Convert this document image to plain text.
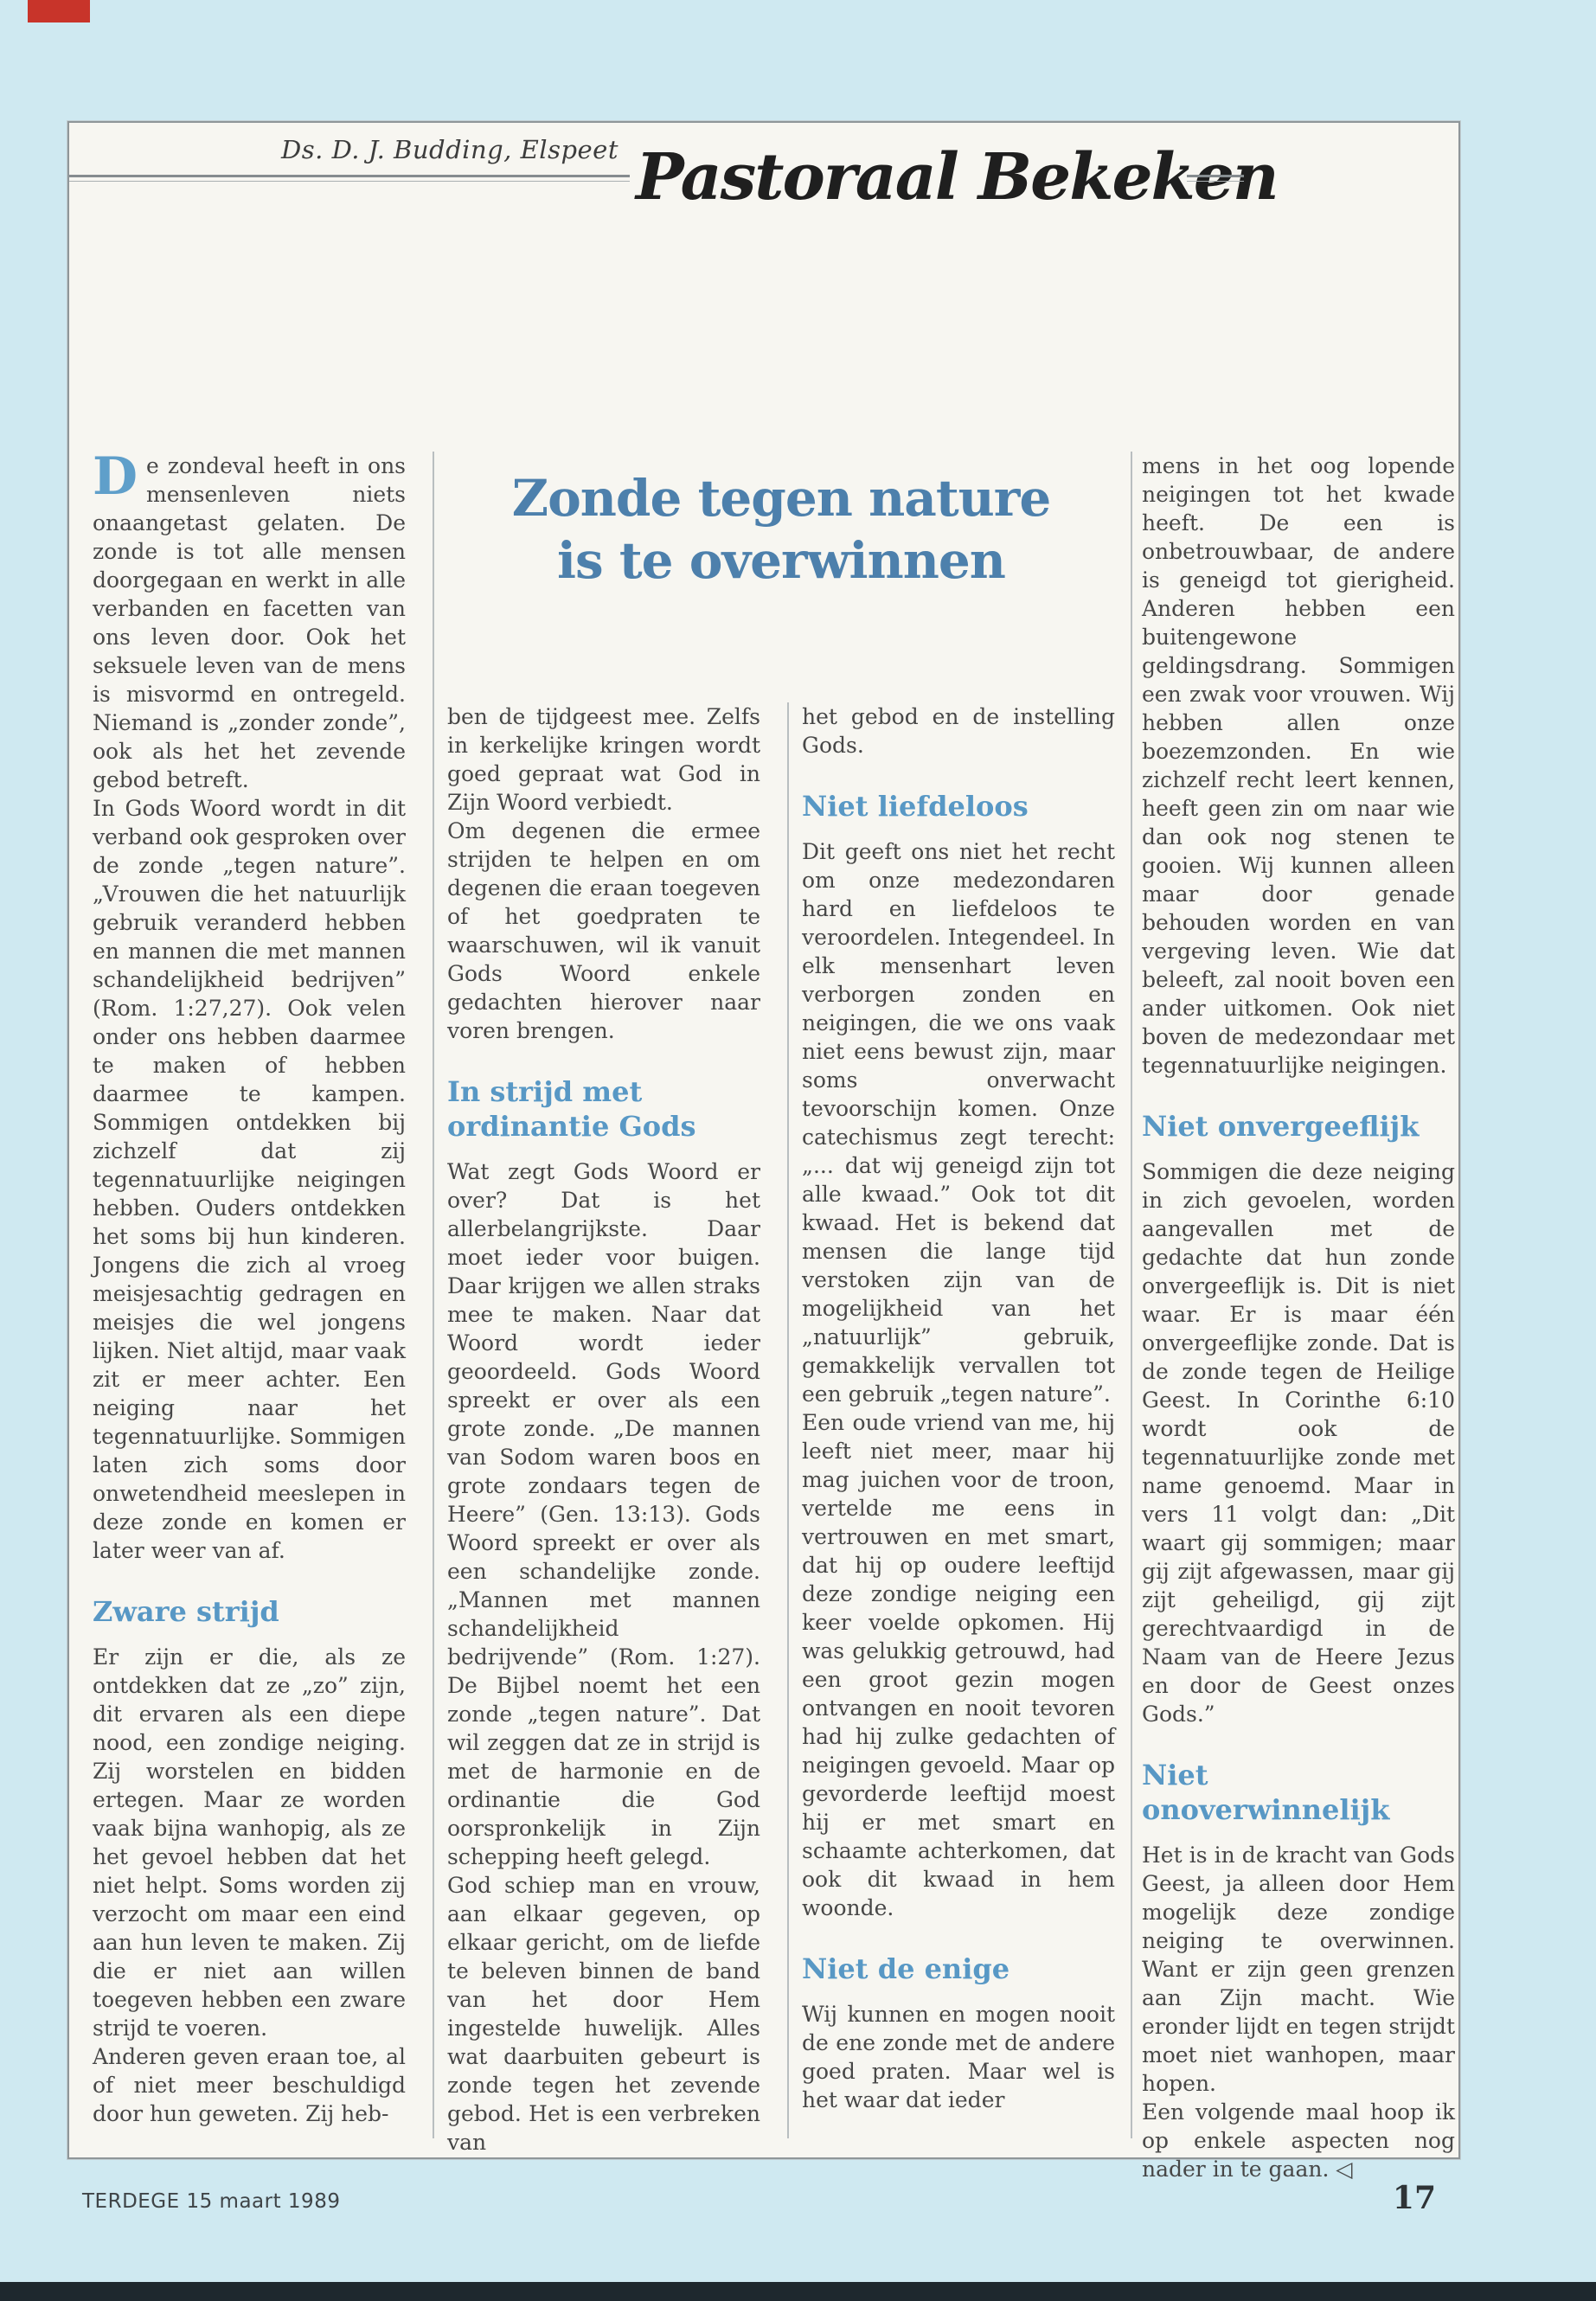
Ds. D. J. Budding, Elspeet Pastoraal Bekeken
Zonde tegen nature
is te overwinnen

De zondeval heeft in ons mensenleven niets onaangetast gelaten. De zonde is tot alle mensen doorgegaan en werkt in alle verbanden en facetten van ons leven door. Ook het seksuele leven van de mens is misvormd en ontregeld. Niemand is „zonder zonde”, ook als het het zevende gebod betreft.

In Gods Woord wordt in dit verband ook gesproken over de zonde „tegen nature”. „Vrouwen die het natuurlijk gebruik veranderd hebben en mannen die met mannen schandelijkheid bedrijven” (Rom. 1:27,27). Ook velen onder ons hebben daarmee te maken of hebben daarmee te kampen. Sommigen ontdekken bij zichzelf dat zij tegennatuurlijke neigingen hebben. Ouders ontdekken het soms bij hun kinderen. Jongens die zich al vroeg meisjesachtig gedragen en meisjes die wel jongens lijken. Niet altijd, maar vaak zit er meer achter. Een neiging naar het tegennatuurlijke. Sommigen laten zich soms door onwetendheid meeslepen in deze zonde en komen er later weer van af.

Zware strijd

Er zijn er die, als ze ontdekken dat ze „zo” zijn, dit ervaren als een diepe nood, een zondige neiging. Zij worstelen en bidden ertegen. Maar ze worden vaak bijna wanhopig, als ze het gevoel hebben dat het niet helpt. Soms worden zij verzocht om maar een eind aan hun leven te maken. Zij die er niet aan willen toegeven hebben een zware strijd te voeren.

Anderen geven eraan toe, al of niet meer beschuldigd door hun geweten. Zij heb-

ben de tijdgeest mee. Zelfs in kerkelijke kringen wordt goed gepraat wat God in Zijn Woord verbiedt.

Om degenen die ermee strijden te helpen en om degenen die eraan toegeven of het goedpraten te waarschuwen, wil ik vanuit Gods Woord enkele gedachten hierover naar voren brengen.

In strijd met ordinantie Gods

Wat zegt Gods Woord er over? Dat is het allerbelangrijkste. Daar moet ieder voor buigen. Daar krijgen we allen straks mee te maken. Naar dat Woord wordt ieder geoordeeld. Gods Woord spreekt er over als een grote zonde. „De mannen van Sodom waren boos en grote zondaars tegen de Heere” (Gen. 13:13). Gods Woord spreekt er over als een schandelijke zonde. „Mannen met mannen schandelijkheid bedrijvende” (Rom. 1:27). De Bijbel noemt het een zonde „tegen nature”. Dat wil zeggen dat ze in strijd is met de harmonie en de ordinantie die God oorspronkelijk in Zijn schepping heeft gelegd.

God schiep man en vrouw, aan elkaar gegeven, op elkaar gericht, om de liefde te beleven binnen de band van het door Hem ingestelde huwelijk. Alles wat daarbuiten gebeurt is zonde tegen het zevende gebod. Het is een verbreken van

het gebod en de instelling Gods.

Niet liefdeloos

Dit geeft ons niet het recht om onze medezondaren hard en liefdeloos te veroordelen. Integendeel. In elk mensenhart leven verborgen zonden en neigingen, die we ons vaak niet eens bewust zijn, maar soms onverwacht tevoorschijn komen. Onze catechismus zegt terecht: „... dat wij geneigd zijn tot alle kwaad.” Ook tot dit kwaad. Het is bekend dat mensen die lange tijd verstoken zijn van de mogelijkheid van het „natuurlijk” gebruik, gemakkelijk vervallen tot een gebruik „tegen nature”.

Een oude vriend van me, hij leeft niet meer, maar hij mag juichen voor de troon, vertelde me eens in vertrouwen en met smart, dat hij op oudere leeftijd deze zondige neiging een keer voelde opkomen. Hij was gelukkig getrouwd, had een groot gezin mogen ontvangen en nooit tevoren had hij zulke gedachten of neigingen gevoeld. Maar op gevorderde leeftijd moest hij er met smart en schaamte achterkomen, dat ook dit kwaad in hem woonde.

Niet de enige

Wij kunnen en mogen nooit de ene zonde met de andere goed praten. Maar wel is het waar dat ieder

mens in het oog lopende neigingen tot het kwade heeft. De een is onbetrouwbaar, de andere is geneigd tot gierigheid. Anderen hebben een buitengewone geldingsdrang. Sommigen een zwak voor vrouwen. Wij hebben allen onze boezemzonden. En wie zichzelf recht leert kennen, heeft geen zin om naar wie dan ook nog stenen te gooien. Wij kunnen alleen maar door genade behouden worden en van vergeving leven. Wie dat beleeft, zal nooit boven een ander uitkomen. Ook niet boven de medezondaar met tegennatuurlijke neigingen.

Niet onvergeeflijk

Sommigen die deze neiging in zich gevoelen, worden aangevallen met de gedachte dat hun zonde onvergeeflijk is. Dit is niet waar. Er is maar één onvergeeflijke zonde. Dat is de zonde tegen de Heilige Geest. In Corinthe 6:10 wordt ook de tegennatuurlijke zonde met name genoemd. Maar in vers 11 volgt dan: „Dit waart gij sommigen; maar gij zijt afgewassen, maar gij zijt geheiligd, gij zijt gerechtvaardigd in de Naam van de Heere Jezus en door de Geest onzes Gods.”

Niet onoverwinnelijk

Het is in de kracht van Gods Geest, ja alleen door Hem mogelijk deze zondige neiging te overwinnen. Want er zijn geen grenzen aan Zijn macht. Wie eronder lijdt en tegen strijdt moet niet wanhopen, maar hopen.

Een volgende maal hoop ik op enkele aspecten nog nader in te gaan. ◁

TERDEGE 15 maart 1989	17
